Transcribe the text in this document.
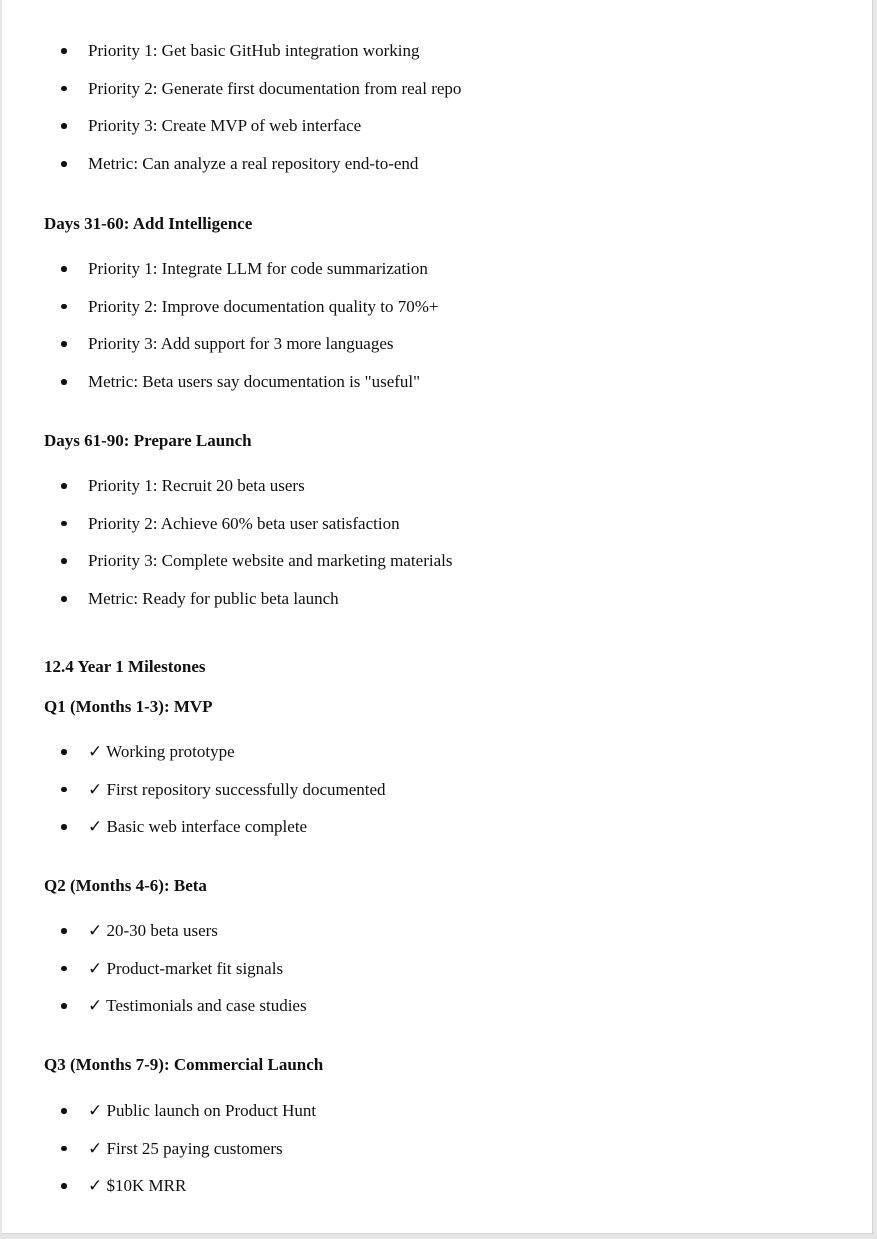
Priority 1: Get basic GitHub integration working
Priority 2: Generate first documentation from real repo
Priority 3: Create MVP of web interface
Metric: Can analyze a real repository end-to-end
Days 31-60: Add Intelligence
Priority 1: Integrate LLM for code summarization
Priority 2: Improve documentation quality to 70%+
Priority 3: Add support for 3 more languages
Metric: Beta users say documentation is "useful"
Days 61-90: Prepare Launch
Priority 1: Recruit 20 beta users
Priority 2: Achieve 60% beta user satisfaction
Priority 3: Complete website and marketing materials
Metric: Ready for public beta launch
12.4 Year 1 Milestones
Q1 (Months 1-3): MVP
✓ Working prototype
✓ First repository successfully documented
✓ Basic web interface complete
Q2 (Months 4-6): Beta
✓ 20-30 beta users
✓ Product-market fit signals
✓ Testimonials and case studies
Q3 (Months 7-9): Commercial Launch
✓ Public launch on Product Hunt
✓ First 25 paying customers
✓ $10K MRR
